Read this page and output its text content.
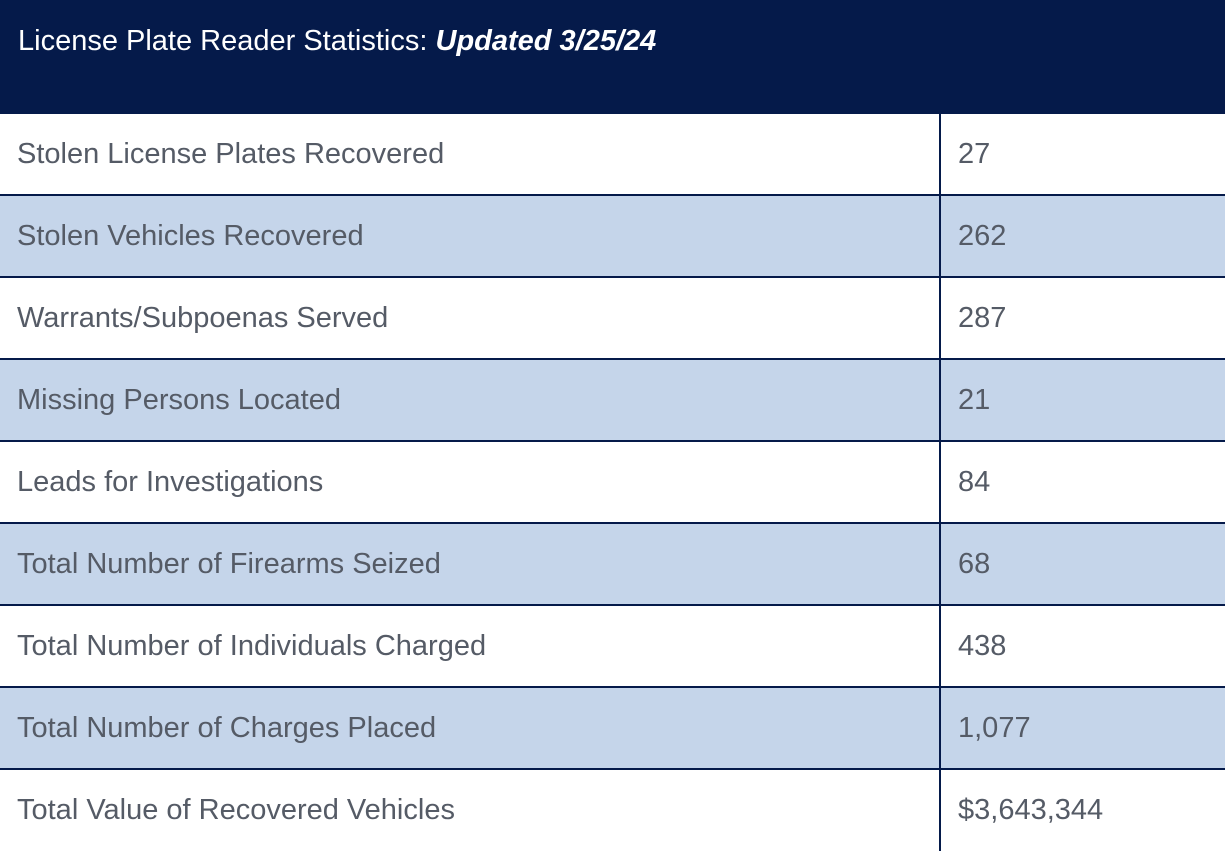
License Plate Reader Statistics: Updated 3/25/24	
Stolen License Plates Recovered	27
Stolen Vehicles Recovered	262
Warrants/Subpoenas Served	287
Missing Persons Located	21
Leads for Investigations	84
Total Number of Firearms Seized	68
Total Number of Individuals Charged	438
Total Number of Charges Placed	1,077
Total Value of Recovered Vehicles	$3,643,344
